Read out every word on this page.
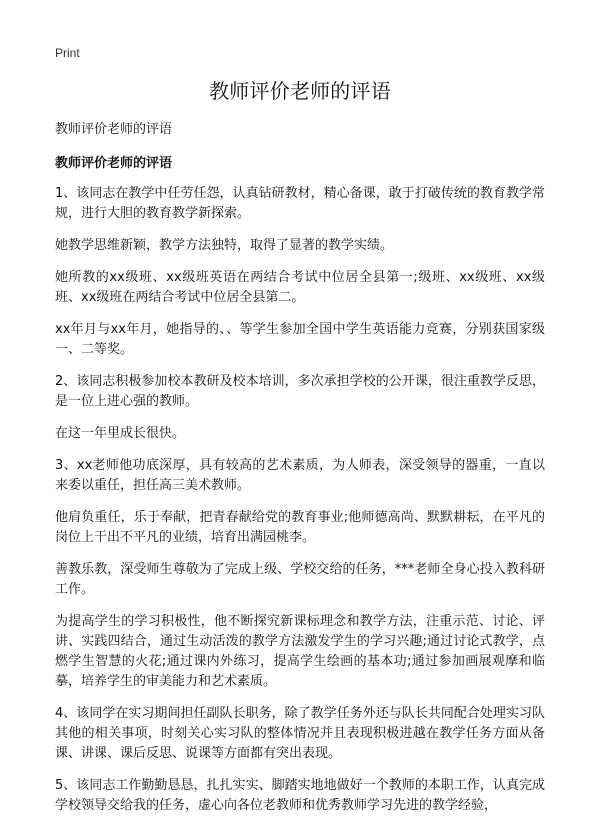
Print
教师评价老师的评语
教师评价老师的评语
教师评价老师的评语

1、该同志在教学中任劳任怨，认真钻研教材，精心备课，敢于打破传统的教育教学常规，进行大胆的教育教学新探索。

她教学思维新颖，教学方法独特，取得了显著的教学实绩。

她所教的xx级班、xx级班英语在两结合考试中位居全县第一;级班、xx级班、xx级班、xx级班在两结合考试中位居全县第二。

xx年月与xx年月，她指导的、、等学生参加全国中学生英语能力竞赛，分别获国家级一、二等奖。

2、该同志积极参加校本教研及校本培训，多次承担学校的公开课，很注重教学反思，是一位上进心强的教师。

在这一年里成长很快。

3、xx老师他功底深厚，具有较高的艺术素质，为人师表，深受领导的器重，一直以来委以重任，担任高三美术教师。

他肩负重任，乐于奉献，把青春献给党的教育事业;他师德高尚、默默耕耘，在平凡的岗位上干出不平凡的业绩，培育出满园桃李。

善教乐教，深受师生尊敬为了完成上级、学校交给的任务，***老师全身心投入教科研工作。

为提高学生的学习积极性，他不断探究新课标理念和教学方法，注重示范、讨论、评讲、实践四结合，通过生动活泼的教学方法激发学生的学习兴趣;通过讨论式教学，点燃学生智慧的火花;通过课内外练习，提高学生绘画的基本功;通过参加画展观摩和临摹，培养学生的审美能力和艺术素质。

4、该同学在实习期间担任副队长职务，除了教学任务外还与队长共同配合处理实习队其他的相关事项，时刻关心实习队的整体情况并且表现积极进越在教学任务方面从备课、讲课、课后反思、说课等方面都有突出表现。

5、该同志工作勤勤恳恳，扎扎实实、脚踏实地地做好一个教师的本职工作，认真完成学校领导交给我的任务，虚心向各位老教师和优秀教师学习先进的教学经验，
